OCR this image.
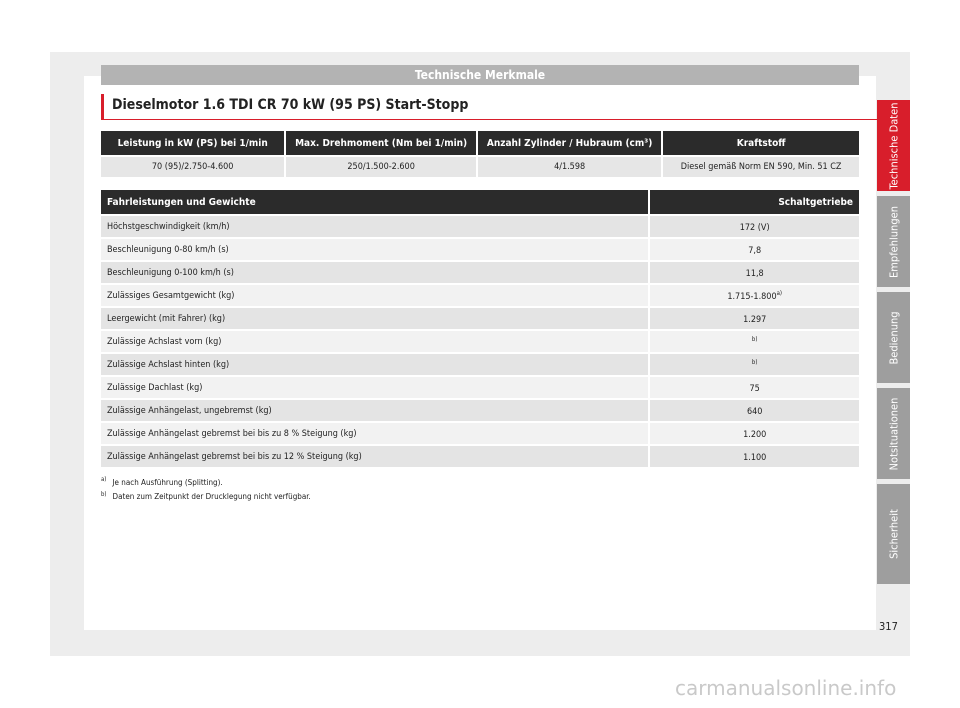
Technische Merkmale
Dieselmotor 1.6 TDI CR 70 kW (95 PS) Start-Stopp
Leistung in kW (PS) bei 1/min	Max. Drehmoment (Nm bei 1/min)	Anzahl Zylinder / Hubraum (cm³)	Kraftstoff
70 (95)/2.750-4.600	250/1.500-2.600	4/1.598	Diesel gemäß Norm EN 590, Min. 51 CZ
Fahrleistungen und Gewichte	Schaltgetriebe
Höchstgeschwindigkeit (km/h)	172 (V)
Beschleunigung 0-80 km/h (s)	7,8
Beschleunigung 0-100 km/h (s)	11,8
Zulässiges Gesamtgewicht (kg)	1.715-1.800$^{a)}$
Leergewicht (mit Fahrer) (kg)	1.297
Zulässige Achslast vorn (kg)	$^{b)}$
Zulässige Achslast hinten (kg)	$^{b)}$
Zulässige Dachlast (kg)	75
Zulässige Anhängelast, ungebremst (kg)	640
Zulässige Anhängelast gebremst bei bis zu 8 % Steigung (kg)	1.200
Zulässige Anhängelast gebremst bei bis zu 12 % Steigung (kg)	1.100
$^{a)}$ Je nach Ausführung (Splitting).
$^{b)}$ Daten zum Zeitpunkt der Drucklegung nicht verfügbar.
Technische Daten
Empfehlungen
Bedienung
Notsituationen
Sicherheit
317
carmanualsonline.info
